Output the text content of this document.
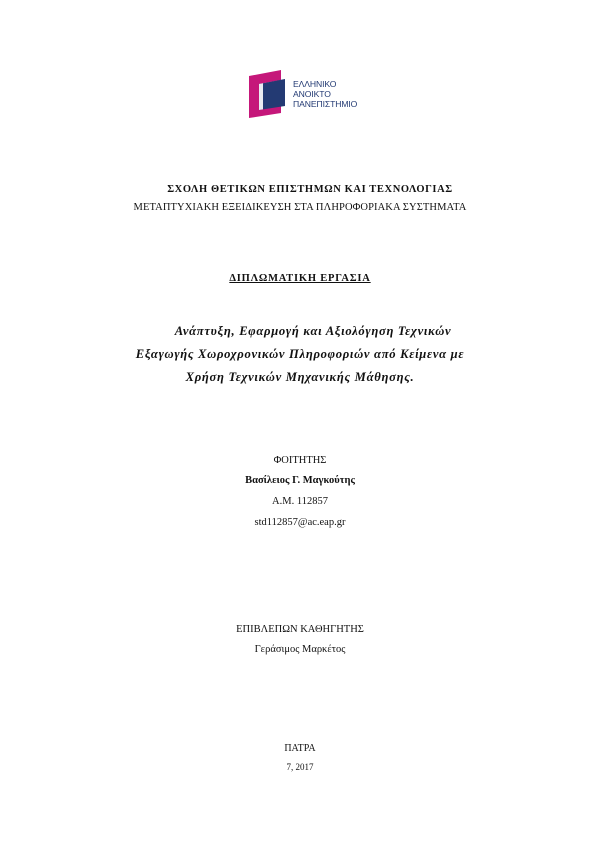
ΕΛΛΗΝΙΚΟ
ΑΝΟΙΚΤΟ
ΠΑΝΕΠΙΣΤΗΜΙΟ
ΣΧΟΛΗ ΘΕΤΙΚΩΝ ΕΠΙΣΤΗΜΩΝ ΚΑΙ ΤΕΧΝΟΛΟΓΙΑΣ
ΜΕΤΑΠΤΥΧΙΑΚΗ ΕΞΕΙΔΙΚΕΥΣΗ ΣΤΑ ΠΛΗΡΟΦΟΡΙΑΚΑ ΣΥΣΤΗΜΑΤΑ
ΔΙΠΛΩΜΑΤΙΚΗ ΕΡΓΑΣΙΑ
Ανάπτυξη, Εφαρμογή και Αξιολόγηση Τεχνικών
Εξαγωγής Χωροχρονικών Πληροφοριών από Κείμενα με
Χρήση Τεχνικών Μηχανικής Μάθησης.
ΦΟΙΤΗΤΗΣ
Βασίλειος Γ. Μαγκούτης
Α.Μ. 112857
std112857@ac.eap.gr
ΕΠΙΒΛΕΠΩΝ ΚΑΘΗΓΗΤΗΣ
Γεράσιμος Μαρκέτος
ΠΑΤΡΑ
7, 2017
